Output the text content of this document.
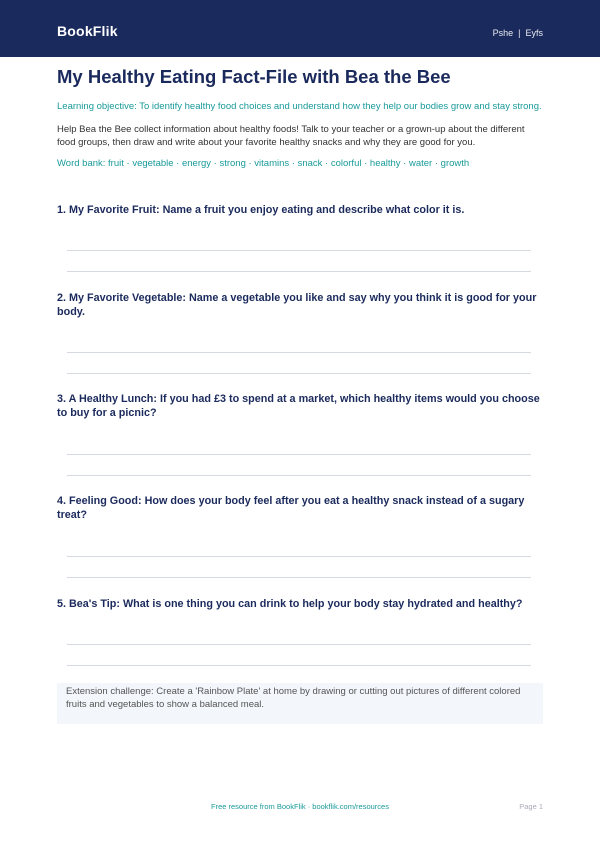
BookFlik	Pshe | Eyfs
My Healthy Eating Fact-File with Bea the Bee

Learning objective: To identify healthy food choices and understand how they help our bodies grow and stay strong.

Help Bea the Bee collect information about healthy foods! Talk to your teacher or a grown-up about the different food groups, then draw and write about your favorite healthy snacks and why they are good for you.

Word bank: fruit · vegetable · energy · strong · vitamins · snack · colorful · healthy · water · growth

1. My Favorite Fruit: Name a fruit you enjoy eating and describe what color it is.
2. My Favorite Vegetable: Name a vegetable you like and say why you think it is good for your body.
3. A Healthy Lunch: If you had £3 to spend at a market, which healthy items would you choose to buy for a picnic?
4. Feeling Good: How does your body feel after you eat a healthy snack instead of a sugary treat?
5. Bea's Tip: What is one thing you can drink to help your body stay hydrated and healthy?
Extension challenge: Create a 'Rainbow Plate' at home by drawing or cutting out pictures of different colored fruits and vegetables to show a balanced meal.
Free resource from BookFlik · bookflik.com/resources	Page 1
